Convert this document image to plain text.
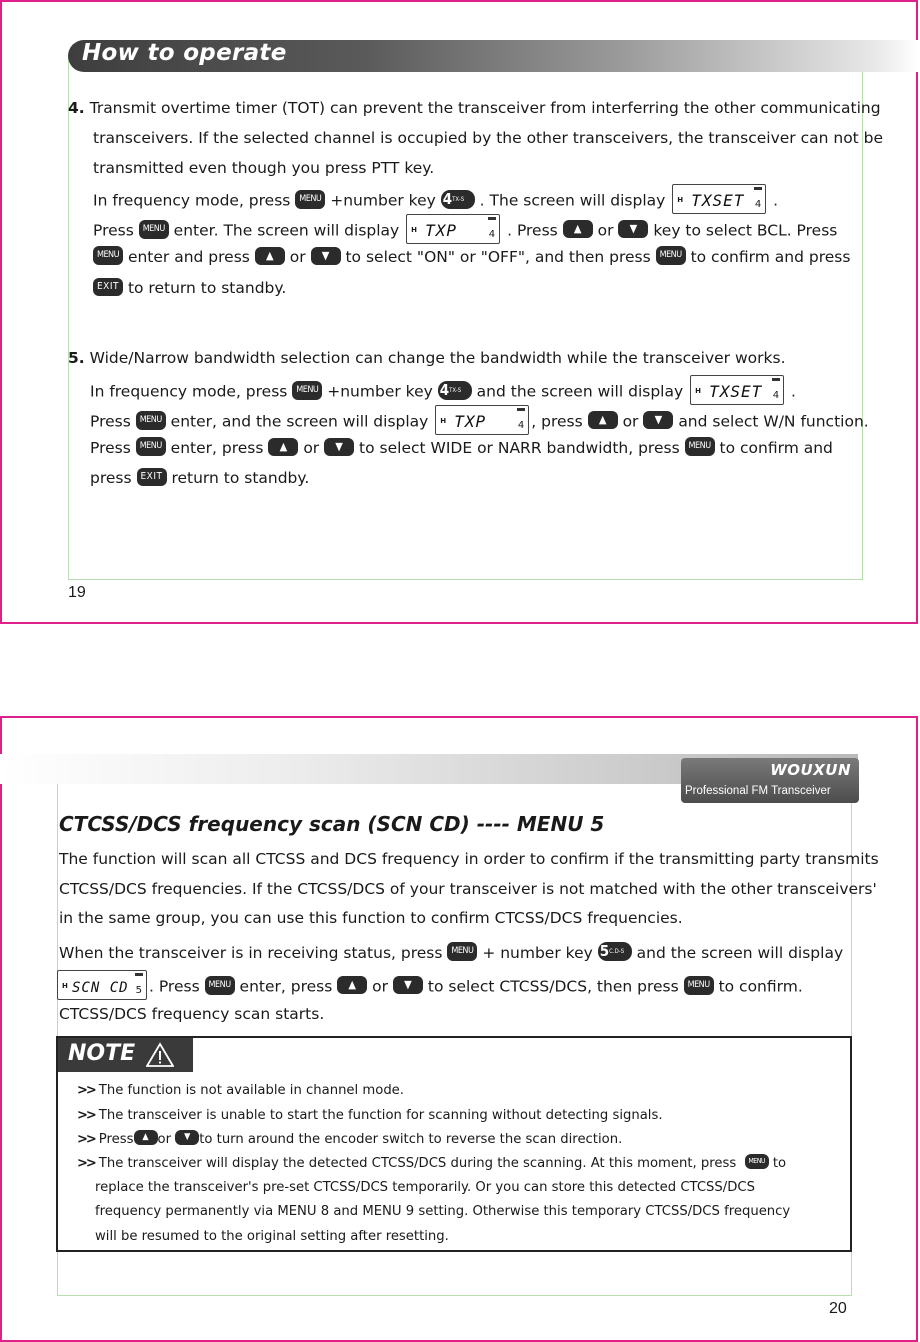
How to operate
4. Transmit overtime timer (TOT) can prevent the transceiver from interferring the other communicating
transceivers. If the selected channel is occupied by the other transceivers, the transceiver can not be
transmitted even though you press PTT key.
In frequency mode, press MENU +number key 4TX-S . The screen will display H TXSET 4 .
Press MENU enter. The screen will display H TXP	4 . Press ▲ or ▼ key to select BCL. Press
MENU enter and press ▲ or ▼ to select "ON" or "OFF", and then press MENU to confirm and press
EXIT to return to standby.
5. Wide/Narrow bandwidth selection can change the bandwidth while the transceiver works.
In frequency mode, press MENU +number key 4TX-S and the screen will display H TXSET 4 .
Press MENU enter, and the screen will display H TXP	4 , press ▲ or ▼ and select W/N function.
Press MENU enter, press ▲ or ▼ to select WIDE or NARR bandwidth, press MENU to confirm and
press EXIT return to standby.
19
WOUXUN
Professional FM Transceiver
CTCSS/DCS frequency scan (SCN CD) ---- MENU 5
The function will scan all CTCSS and DCS frequency in order to confirm if the transmitting party transmits
CTCSS/DCS frequencies. If the CTCSS/DCS of your transceiver is not matched with the other transceivers'
in the same group, you can use this function to confirm CTCSS/DCS frequencies.
When the transceiver is in receiving status, press MENU + number key 5C.D-S and the screen will display
H SCN CD 5 . Press MENU enter, press ▲ or ▼ to select CTCSS/DCS, then press MENU to confirm.
CTCSS/DCS frequency scan starts.
NOTE
>> The function is not available in channel mode.
>> The transceiver is unable to start the function for scanning without detecting signals.
>> Press ▲ or ▼ to turn around the encoder switch to reverse the scan direction.
>> The transceiver will display the detected CTCSS/DCS during the scanning. At this moment, press MENU to
replace the transceiver's pre-set CTCSS/DCS temporarily. Or you can store this detected CTCSS/DCS
frequency permanently via MENU 8 and MENU 9 setting. Otherwise this temporary CTCSS/DCS frequency
will be resumed to the original setting after resetting.
20
